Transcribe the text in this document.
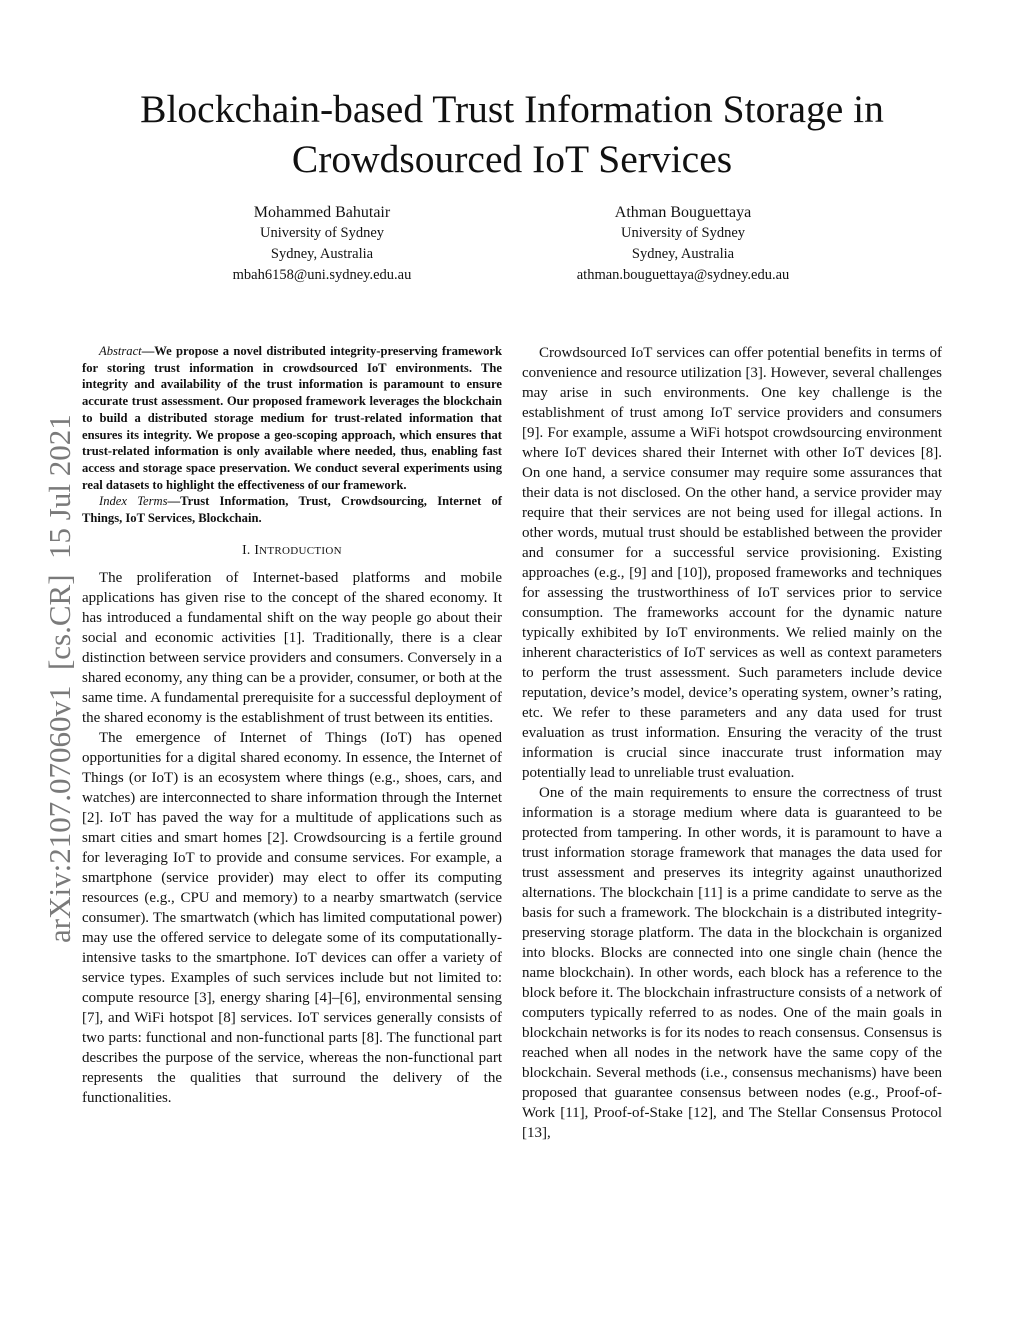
arXiv:2107.07060v1  [cs.CR]  15 Jul 2021
Blockchain-based Trust Information Storage in Crowdsourced IoT Services
Mohammed Bahutair
University of Sydney
Sydney, Australia
mbah6158@uni.sydney.edu.au
Athman Bouguettaya
University of Sydney
Sydney, Australia
athman.bouguettaya@sydney.edu.au

Abstract—We propose a novel distributed integrity-preserving framework for storing trust information in crowdsourced IoT environments. The integrity and availability of the trust information is paramount to ensure accurate trust assessment. Our proposed framework leverages the blockchain to build a distributed storage medium for trust-related information that ensures its integrity. We propose a geo-scoping approach, which ensures that trust-related information is only available where needed, thus, enabling fast access and storage space preservation. We conduct several experiments using real datasets to highlight the effectiveness of our framework.

Index Terms—Trust Information, Trust, Crowdsourcing, Internet of Things, IoT Services, Blockchain.

I. INTRODUCTION

The proliferation of Internet-based platforms and mobile applications has given rise to the concept of the shared economy. It has introduced a fundamental shift on the way people go about their social and economic activities [1]. Traditionally, there is a clear distinction between service providers and consumers. Conversely in a shared economy, any thing can be a provider, consumer, or both at the same time. A fundamental prerequisite for a successful deployment of the shared economy is the establishment of trust between its entities.

The emergence of Internet of Things (IoT) has opened opportunities for a digital shared economy. In essence, the Internet of Things (or IoT) is an ecosystem where things (e.g., shoes, cars, and watches) are interconnected to share information through the Internet [2]. IoT has paved the way for a multitude of applications such as smart cities and smart homes [2]. Crowdsourcing is a fertile ground for leveraging IoT to provide and consume services. For example, a smartphone (service provider) may elect to offer its computing resources (e.g., CPU and memory) to a nearby smartwatch (service consumer). The smartwatch (which has limited computational power) may use the offered service to delegate some of its computationally-intensive tasks to the smartphone. IoT devices can offer a variety of service types. Examples of such services include but not limited to: compute resource [3], energy sharing [4]–[6], environmental sensing [7], and WiFi hotspot [8] services. IoT services generally consists of two parts: functional and non-functional parts [8]. The functional part describes the purpose of the service, whereas the non-functional part represents the qualities that surround the delivery of the functionalities.

Crowdsourced IoT services can offer potential benefits in terms of convenience and resource utilization [3]. However, several challenges may arise in such environments. One key challenge is the establishment of trust among IoT service providers and consumers [9]. For example, assume a WiFi hotspot crowdsourcing environment where IoT devices shared their Internet with other IoT devices [8]. On one hand, a service consumer may require some assurances that their data is not disclosed. On the other hand, a service provider may require that their services are not being used for illegal actions. In other words, mutual trust should be established between the provider and consumer for a successful service provisioning. Existing approaches (e.g., [9] and [10]), proposed frameworks and techniques for assessing the trustworthiness of IoT services prior to service consumption. The frameworks account for the dynamic nature typically exhibited by IoT environments. We relied mainly on the inherent characteristics of IoT services as well as context parameters to perform the trust assessment. Such parameters include device reputation, device’s model, device’s operating system, owner’s rating, etc. We refer to these parameters and any data used for trust evaluation as trust information. Ensuring the veracity of the trust information is crucial since inaccurate trust information may potentially lead to unreliable trust evaluation.

One of the main requirements to ensure the correctness of trust information is a storage medium where data is guaranteed to be protected from tampering. In other words, it is paramount to have a trust information storage framework that manages the data used for trust assessment and preserves its integrity against unauthorized alternations. The blockchain [11] is a prime candidate to serve as the basis for such a framework. The blockchain is a distributed integrity-preserving storage platform. The data in the blockchain is organized into blocks. Blocks are connected into one single chain (hence the name blockchain). In other words, each block has a reference to the block before it. The blockchain infrastructure consists of a network of computers typically referred to as nodes. One of the main goals in blockchain networks is for its nodes to reach consensus. Consensus is reached when all nodes in the network have the same copy of the blockchain. Several methods (i.e., consensus mechanisms) have been proposed that guarantee consensus between nodes (e.g., Proof-of-Work [11], Proof-of-Stake [12], and The Stellar Consensus Protocol [13],
